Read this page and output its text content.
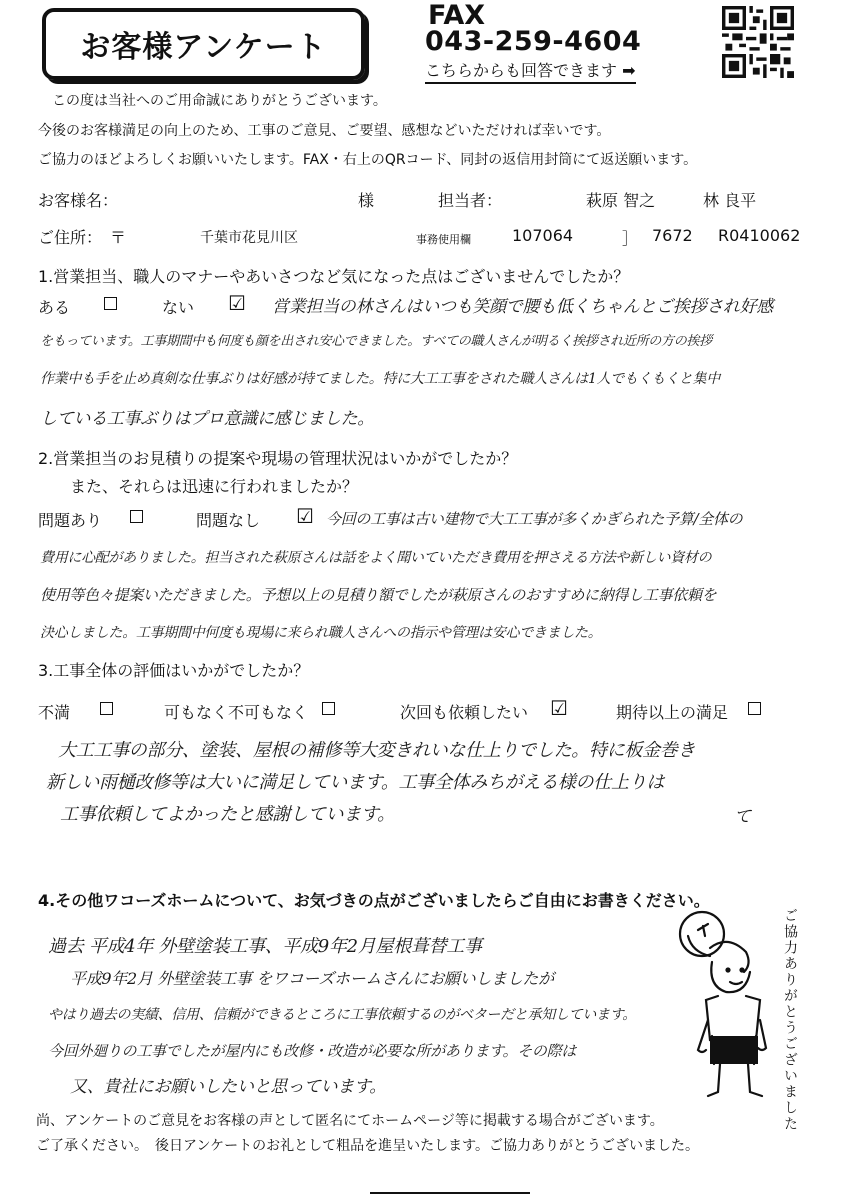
お客様アンケート
FAX
043-259-4604
こちらからも回答できます ➡
この度は当社へのご用命誠にありがとうございます。
今後のお客様満足の向上のため、工事のご意見、ご要望、感想などいただければ幸いです。
ご協力のほどよろしくお願いいたします。FAX・右上のQRコード、同封の返信用封筒にて返送願います。
お客様名：	様	担当者：	萩原 智之	林 良平
ご住所： 〒	千葉市花見川区	事務使用欄	107064	］ 7672 R0410062
1.営業担当、職人のマナーやあいさつなど気になった点はございませんでしたか？
ある	ない ☑ 営業担当の林さんはいつも笑顔で腰も低くちゃんとご挨拶され好感
をもっています。工事期間中も何度も顔を出され安心できました。すべての職人さんが明るく挨拶され近所の方の挨拶
作業中も手を止め真剣な仕事ぶりは好感が持てました。特に大工工事をされた職人さんは1人でもくもくと集中
している工事ぶりはプロ意識に感じました。
2.営業担当のお見積りの提案や現場の管理状況はいかがでしたか？
また、それらは迅速に行われましたか？
問題あり	問題なし ☑ 今回の工事は古い建物で大工工事が多くかぎられた予算/全体の
費用に心配がありました。担当された萩原さんは話をよく聞いていただき費用を押さえる方法や新しい資材の
使用等色々提案いただきました。予想以上の見積り額でしたが萩原さんのおすすめに納得し工事依頼を
決心しました。工事期間中何度も現場に来られ職人さんへの指示や管理は安心できました。
3.工事全体の評価はいかがでしたか？
不満	可もなく不可もなく	次回も依頼したい ☑	期待以上の満足
大工工事の部分、塗装、屋根の補修等大変きれいな仕上りでした。特に板金巻き
新しい雨樋改修等は大いに満足しています。工事全体みちがえる様の仕上りは
工事依頼してよかったと感謝しています。	て
4.その他ワコーズホームについて、お気づきの点がございましたらご自由にお書きください。
過去 平成4年 外壁塗装工事、平成9年2月屋根葺替工事
平成9年2月 外壁塗装工事 をワコーズホームさんにお願いしましたが
やはり過去の実績、信用、信頼ができるところに工事依頼するのがベターだと承知しています。
今回外廻りの工事でしたが屋内にも改修・改造が必要な所があります。その際は
又、貴社にお願いしたいと思っています。	ご協力ありがとうございました
尚、アンケートのご意見をお客様の声として匿名にてホームページ等に掲載する場合がございます。
ご了承ください。　後日アンケートのお礼として粗品を進呈いたします。ご協力ありがとうございました。
